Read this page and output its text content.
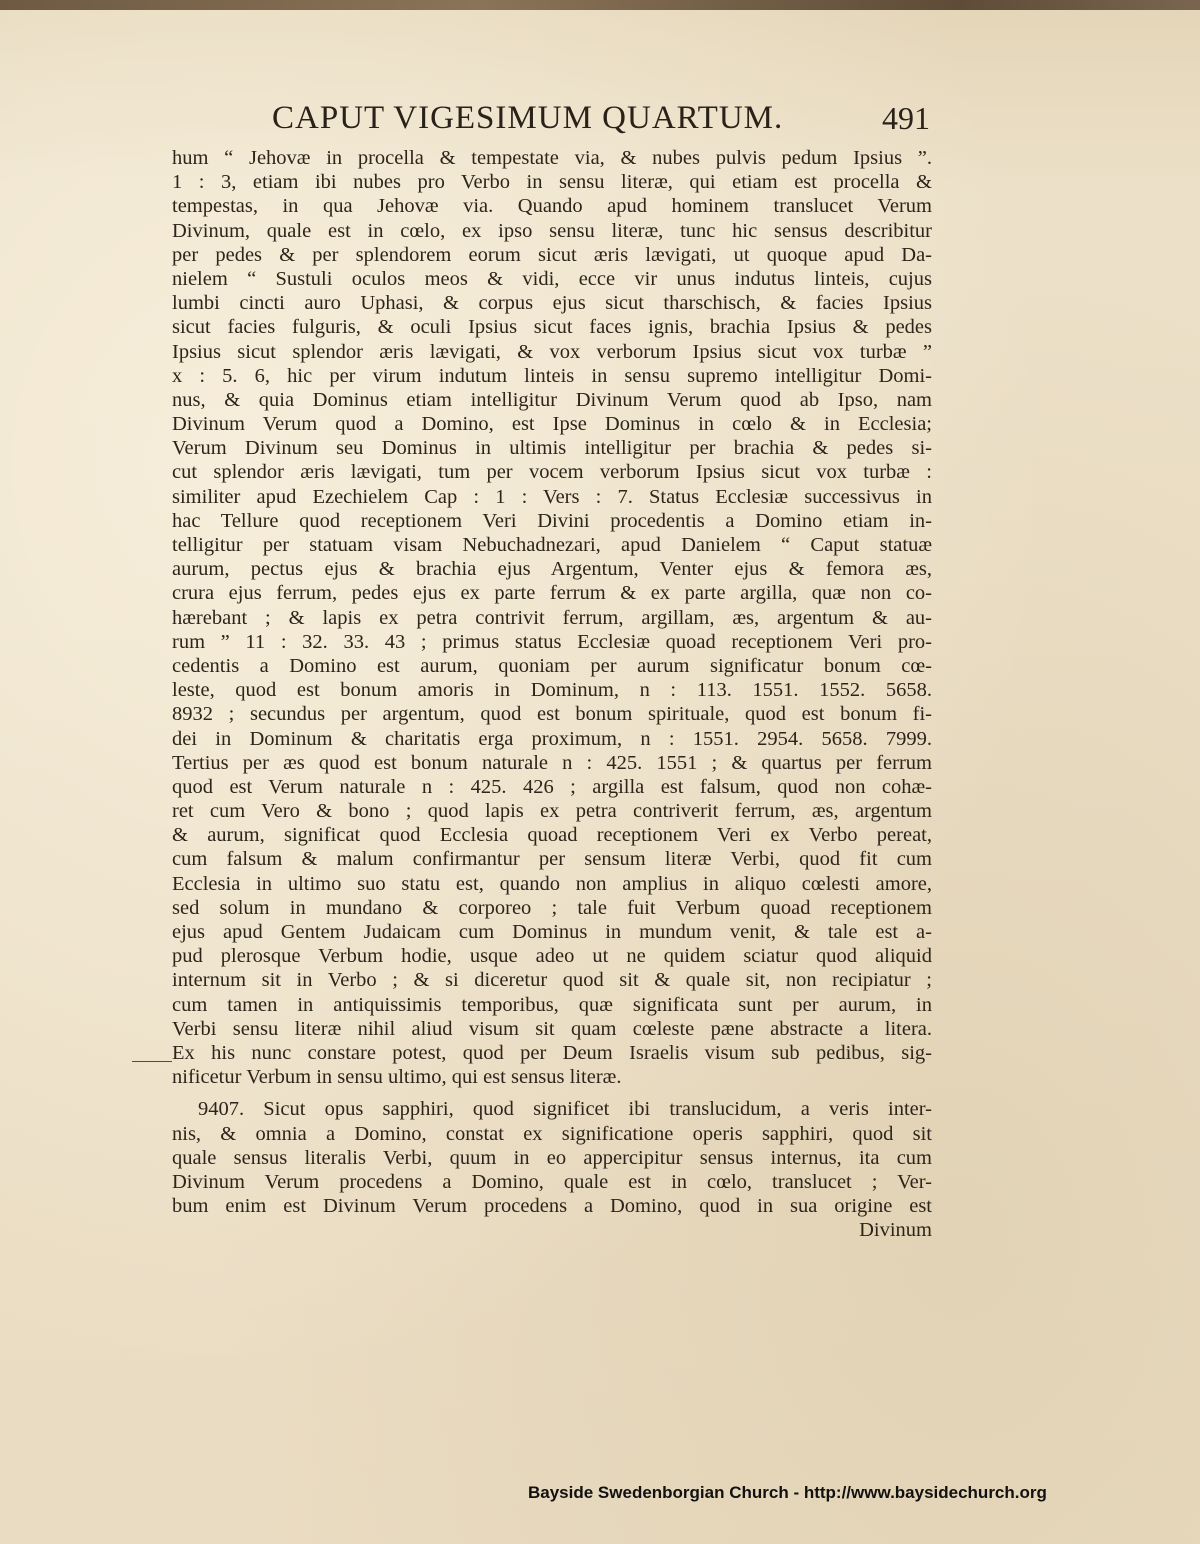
CAPUT VIGESIMUM QUARTUM.	491
hum “ Jehovæ in procella & tempestate via, & nubes pulvis pedum Ipsius ”.
1 : 3, etiam ibi nubes pro Verbo in sensu literæ, qui etiam est procella &
tempestas, in qua Jehovæ via. Quando apud hominem translucet Verum
Divinum, quale est in cœlo, ex ipso sensu literæ, tunc hic sensus describitur
per pedes & per splendorem eorum sicut æris lævigati, ut quoque apud Da-
nielem “ Sustuli oculos meos & vidi, ecce vir unus indutus linteis, cujus
lumbi cincti auro Uphasi, & corpus ejus sicut tharschisch, & facies Ipsius
sicut facies fulguris, & oculi Ipsius sicut faces ignis, brachia Ipsius & pedes
Ipsius sicut splendor æris lævigati, & vox verborum Ipsius sicut vox turbæ ”
x : 5. 6, hic per virum indutum linteis in sensu supremo intelligitur Domi-
nus, & quia Dominus etiam intelligitur Divinum Verum quod ab Ipso, nam
Divinum Verum quod a Domino, est Ipse Dominus in cœlo & in Ecclesia;
Verum Divinum seu Dominus in ultimis intelligitur per brachia & pedes si-
cut splendor æris lævigati, tum per vocem verborum Ipsius sicut vox turbæ :
similiter apud Ezechielem Cap : 1 : Vers : 7. Status Ecclesiæ successivus in
hac Tellure quod receptionem Veri Divini procedentis a Domino etiam in-
telligitur per statuam visam Nebuchadnezari, apud Danielem “ Caput statuæ
aurum, pectus ejus & brachia ejus Argentum, Venter ejus & femora æs,
crura ejus ferrum, pedes ejus ex parte ferrum & ex parte argilla, quæ non co-
hærebant ; & lapis ex petra contrivit ferrum, argillam, æs, argentum & au-
rum ” 11 : 32. 33. 43 ; primus status Ecclesiæ quoad receptionem Veri pro-
cedentis a Domino est aurum, quoniam per aurum significatur bonum cœ-
leste, quod est bonum amoris in Dominum, n : 113. 1551. 1552. 5658.
8932 ; secundus per argentum, quod est bonum spirituale, quod est bonum fi-
dei in Dominum & charitatis erga proximum, n : 1551. 2954. 5658. 7999.
Tertius per æs quod est bonum naturale n : 425. 1551 ; & quartus per ferrum
quod est Verum naturale n : 425. 426 ; argilla est falsum, quod non cohæ-
ret cum Vero & bono ; quod lapis ex petra contriverit ferrum, æs, argentum
& aurum, significat quod Ecclesia quoad receptionem Veri ex Verbo pereat,
cum falsum & malum confirmantur per sensum literæ Verbi, quod fit cum
Ecclesia in ultimo suo statu est, quando non amplius in aliquo cœlesti amore,
sed solum in mundano & corporeo ; tale fuit Verbum quoad receptionem
ejus apud Gentem Judaicam cum Dominus in mundum venit, & tale est a-
pud plerosque Verbum hodie, usque adeo ut ne quidem sciatur quod aliquid
internum sit in Verbo ; & si diceretur quod sit & quale sit, non recipiatur ;
cum tamen in antiquissimis temporibus, quæ significata sunt per aurum, in
Verbi sensu literæ nihil aliud visum sit quam cœleste pæne abstracte a litera.
Ex his nunc constare potest, quod per Deum Israelis visum sub pedibus, sig-
nificetur Verbum in sensu ultimo, qui est sensus literæ.
9407. Sicut opus sapphiri, quod significet ibi translucidum, a veris inter-
nis, & omnia a Domino, constat ex significatione operis sapphiri, quod sit
quale sensus literalis Verbi, quum in eo appercipitur sensus internus, ita cum
Divinum Verum procedens a Domino, quale est in cœlo, translucet ; Ver-
bum enim est Divinum Verum procedens a Domino, quod in sua origine est
Divinum
Bayside Swedenborgian Church - http://www.baysidechurch.org
